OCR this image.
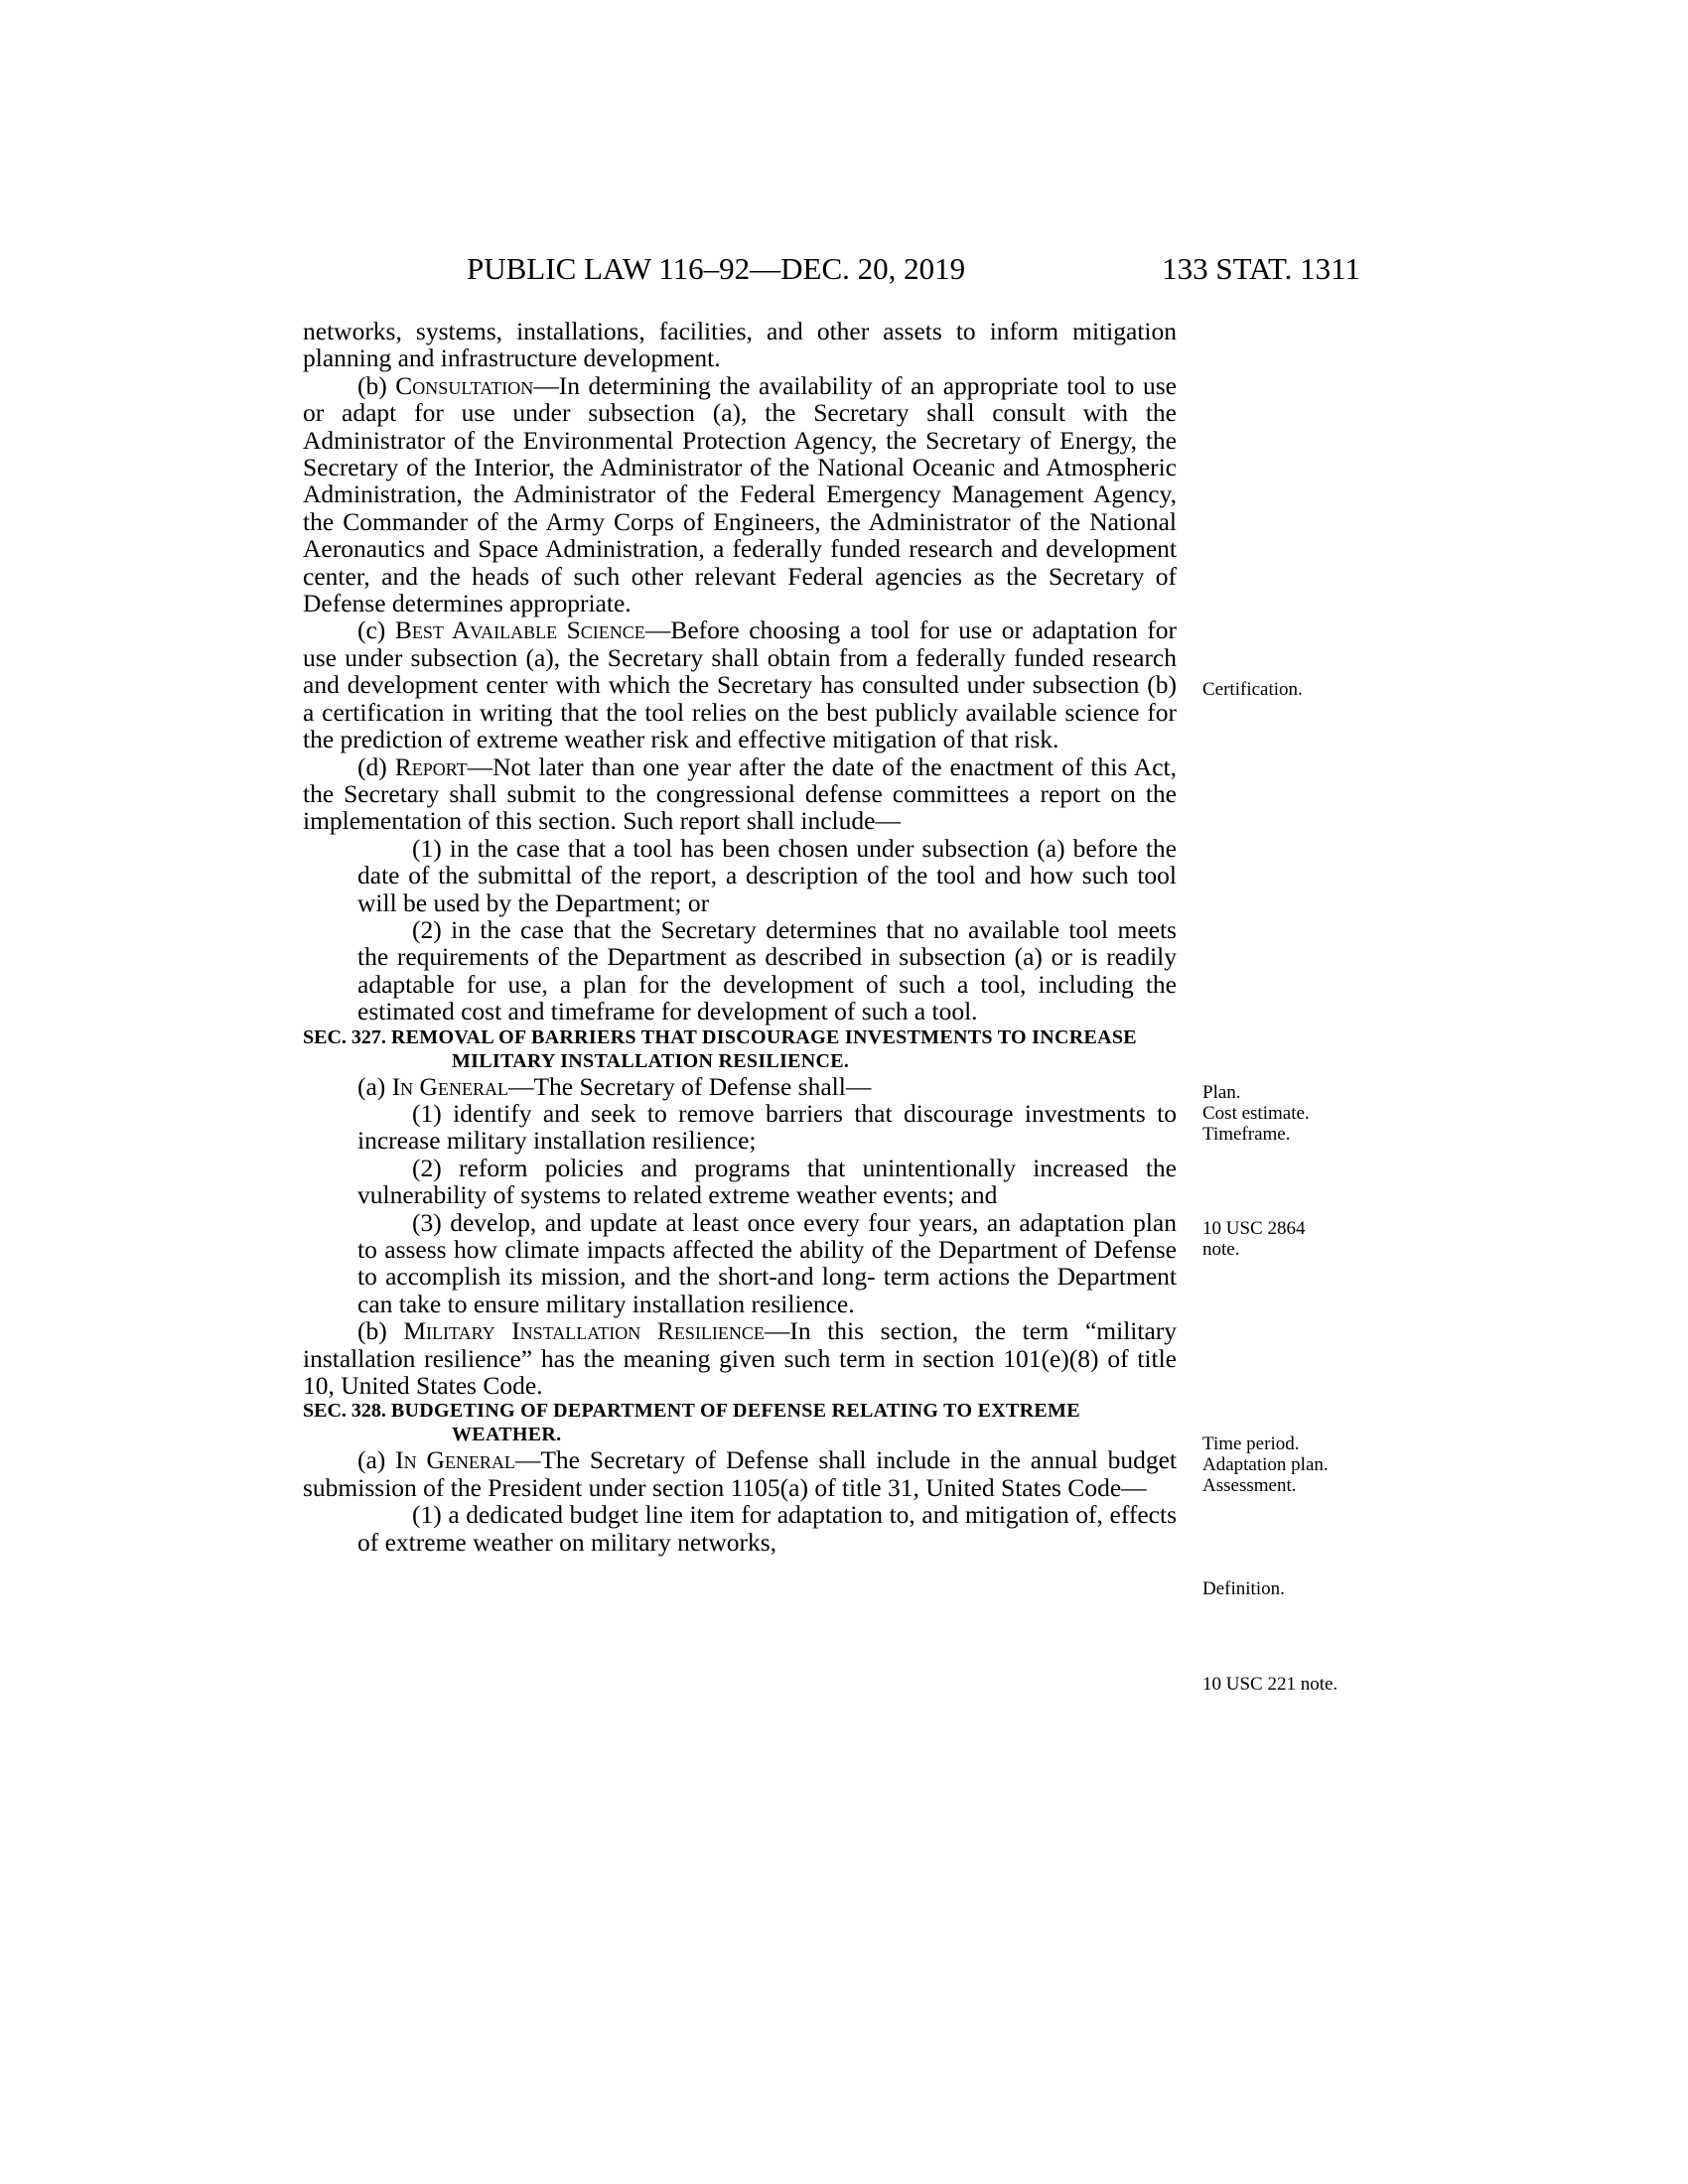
PUBLIC LAW 116–92—DEC. 20, 2019	133 STAT. 1311

networks, systems, installations, facilities, and other assets to inform mitigation planning and infrastructure development.

(b) Consultation—In determining the availability of an appropriate tool to use or adapt for use under subsection (a), the Secretary shall consult with the Administrator of the Environmental Protection Agency, the Secretary of Energy, the Secretary of the Interior, the Administrator of the National Oceanic and Atmospheric Administration, the Administrator of the Federal Emergency Management Agency, the Commander of the Army Corps of Engineers, the Administrator of the National Aeronautics and Space Administration, a federally funded research and development center, and the heads of such other relevant Federal agencies as the Secretary of Defense determines appropriate.

(c) Best Available Science—Before choosing a tool for use or adaptation for use under subsection (a), the Secretary shall obtain from a federally funded research and development center with which the Secretary has consulted under subsection (b) a certification in writing that the tool relies on the best publicly available science for the prediction of extreme weather risk and effective mitigation of that risk.

(d) Report—Not later than one year after the date of the enactment of this Act, the Secretary shall submit to the congressional defense committees a report on the implementation of this section. Such report shall include—

(1) in the case that a tool has been chosen under subsection (a) before the date of the submittal of the report, a description of the tool and how such tool will be used by the Department; or

(2) in the case that the Secretary determines that no available tool meets the requirements of the Department as described in subsection (a) or is readily adaptable for use, a plan for the development of such a tool, including the estimated cost and timeframe for development of such a tool.

SEC. 327. REMOVAL OF BARRIERS THAT DISCOURAGE INVESTMENTS TO INCREASE MILITARY INSTALLATION RESILIENCE.

(a) In General—The Secretary of Defense shall—

(1) identify and seek to remove barriers that discourage investments to increase military installation resilience;

(2) reform policies and programs that unintentionally increased the vulnerability of systems to related extreme weather events; and

(3) develop, and update at least once every four years, an adaptation plan to assess how climate impacts affected the ability of the Department of Defense to accomplish its mission, and the short-and long- term actions the Department can take to ensure military installation resilience.

(b) Military Installation Resilience—In this section, the term “military installation resilience” has the meaning given such term in section 101(e)(8) of title 10, United States Code.

SEC. 328. BUDGETING OF DEPARTMENT OF DEFENSE RELATING TO EXTREME WEATHER.

(a) In General—The Secretary of Defense shall include in the annual budget submission of the President under section 1105(a) of title 31, United States Code—

(1) a dedicated budget line item for adaptation to, and mitigation of, effects of extreme weather on military networks,

Certification.
Plan.
Cost estimate.
Timeframe.
10 USC 2864
note.
Time period.
Adaptation plan.
Assessment.
Definition.
10 USC 221 note.
